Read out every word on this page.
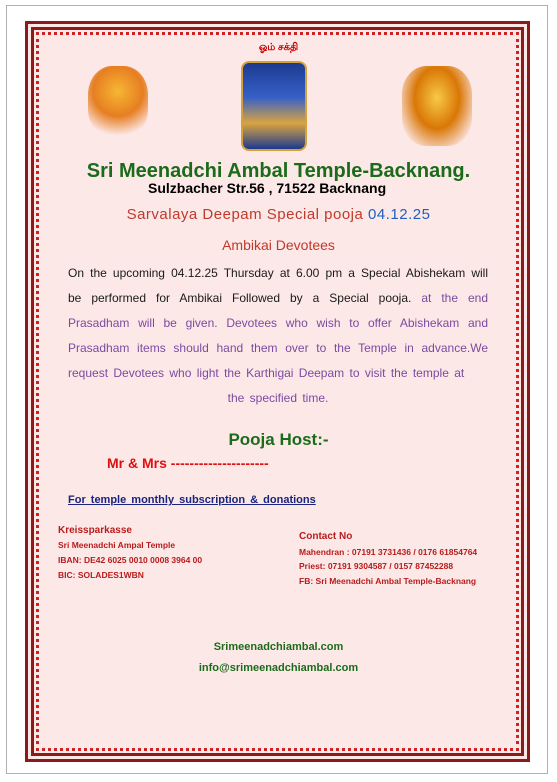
ஓம் சக்தி
Sri Meenadchi Ambal Temple-Backnang.
Sulzbacher Str.56 , 71522 Backnang
Sarvalaya Deepam Special pooja 04.12.25
Ambikai Devotees
On the upcoming 04.12.25 Thursday at 6.00 pm a Special Abishekam will be performed for Ambikai Followed by a Special pooja. at the end Prasadham will be given. Devotees who wish to offer Abishekam and Prasadham items should hand them over to the Temple in advance.We request Devotees who light the Karthigai Deepam to visit the temple at
the specified time.
Pooja Host:-
Mr & Mrs ---------------------
For temple monthly subscription & donations
Kreissparkasse
Sri Meenadchi Ampal Temple
IBAN: DE42 6025 0010 0008 3964 00
BIC: SOLADES1WBN
Contact No
Mahendran : 07191 3731436 / 0176 61854764
Priest: 07191 9304587 / 0157 87452288
FB: Sri Meenadchi Ambal Temple-Backnang
Srimeenadchiambal.com
info@srimeenadchiambal.com
